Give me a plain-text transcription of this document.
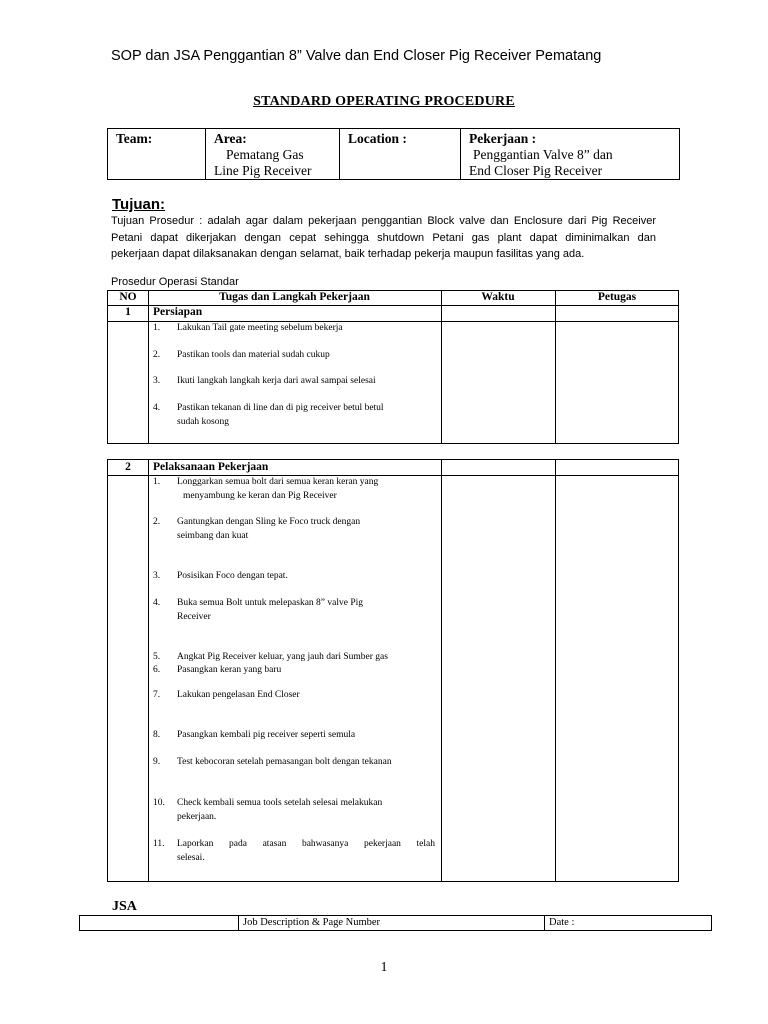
SOP dan JSA Penggantian 8” Valve dan End Closer Pig Receiver Pematang
STANDARD OPERATING PROCEDURE
Team:	Area:
Pematang Gas
Line Pig Receiver
Location :	Pekerjaan :
Penggantian Valve 8” dan
End Closer Pig Receiver
Tujuan:
Tujuan Prosedur : adalah agar dalam pekerjaan penggantian Block valve dan Enclosure dari Pig Receiver
Petani dapat dikerjakan dengan cepat sehingga shutdown Petani gas plant dapat diminimalkan dan
pekerjaan dapat dilaksanakan dengan selamat, baik terhadap pekerja maupun fasilitas yang ada.
Prosedur Operasi Standar
NO	Tugas dan Langkah Pekerjaan	Waktu	Petugas
1	Persiapan
1. Lakukan Tail gate meeting sebelum bekerja
2. Pastikan tools dan material sudah cukup
3. Ikuti langkah langkah kerja dari awal sampai selesai
4. Pastikan tekanan di line dan di pig receiver betul betul
sudah kosong
2	Pelaksanaan Pekerjaan
1. Longgarkan semua bolt dari semua keran keran yang
menyambung ke keran dan Pig Receiver
2. Gantungkan dengan Sling ke Foco truck dengan
seimbang dan kuat
3. Posisikan Foco dengan tepat.
4. Buka semua Bolt untuk melepaskan 8” valve Pig
Receiver
5. Angkat Pig Receiver keluar, yang jauh dari Sumber gas
6. Pasangkan keran yang baru
7. Lakukan pengelasan End Closer
8. Pasangkan kembali pig receiver seperti semula
9. Test kebocoran setelah pemasangan bolt dengan tekanan
10. Check kembali semua tools setelah selesai melakukan
pekerjaan.
11. Laporkan pada atasan bahwasanya pekerjaan telah
selesai.
JSA
Job Description & Page Number	Date :
1
